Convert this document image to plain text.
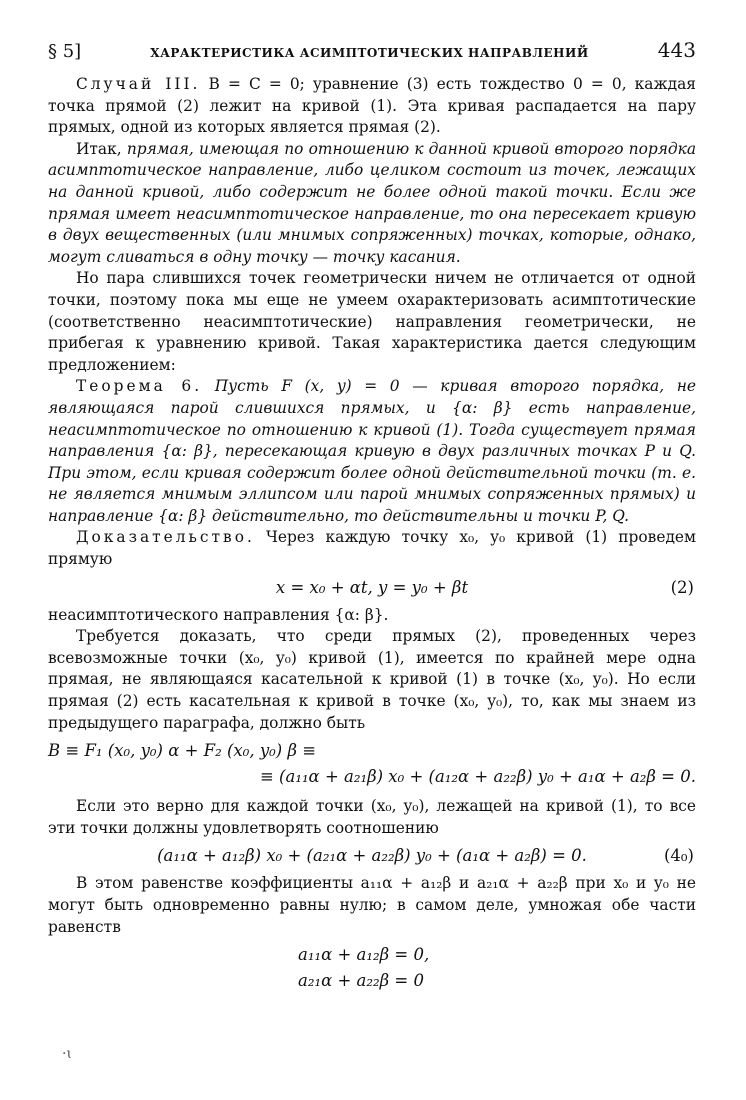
§ 5]	ХАРАКТЕРИСТИКА АСИМПТОТИЧЕСКИХ НАПРАВЛЕНИЙ	443

Случай III. B = C = 0; уравнение (3) есть тождество 0 = 0, каждая точка прямой (2) лежит на кривой (1). Эта кривая распадается на пару прямых, одной из которых является прямая (2).

Итак, прямая, имеющая по отношению к данной кривой второго порядка асимптотическое направление, либо целиком состоит из точек, лежащих на данной кривой, либо содержит не более одной такой точки. Если же прямая имеет неасимптотическое направление, то она пересекает кривую в двух вещественных (или мнимых сопряженных) точках, которые, однако, могут сливаться в одну точку — точку касания.

Но пара слившихся точек геометрически ничем не отличается от одной точки, поэтому пока мы еще не умеем охарактеризовать асимптотические (соответственно неасимптотические) направления геометрически, не прибегая к уравнению кривой. Такая характеристика дается следующим предложением:

Теорема 6. Пусть F (x, y) = 0 — кривая второго порядка, не являющаяся парой слившихся прямых, и {α: β} есть направление, неасимптотическое по отношению к кривой (1). Тогда существует прямая направления {α: β}, пересекающая кривую в двух различных точках P и Q. При этом, если кривая содержит более одной действительной точки (т. е. не является мнимым эллипсом или парой мнимых сопряженных прямых) и направление {α: β} действительно, то действительны и точки P, Q.

Доказательство. Через каждую точку x₀, y₀ кривой (1) проведем прямую

x = x₀ + αt, y = y₀ + βt	(2)

неасимптотического направления {α: β}.

Требуется доказать, что среди прямых (2), проведенных через всевозможные точки (x₀, y₀) кривой (1), имеется по крайней мере одна прямая, не являющаяся касательной к кривой (1) в точке (x₀, y₀). Но если прямая (2) есть касательная к кривой в точке (x₀, y₀), то, как мы знаем из предыдущего параграфа, должно быть

B ≡ F₁ (x₀, y₀) α + F₂ (x₀, y₀) β ≡
≡ (a₁₁α + a₂₁β) x₀ + (a₁₂α + a₂₂β) y₀ + a₁α + a₂β = 0.

Если это верно для каждой точки (x₀, y₀), лежащей на кривой (1), то все эти точки должны удовлетворять соотношению

(a₁₁α + a₁₂β) x₀ + (a₂₁α + a₂₂β) y₀ + (a₁α + a₂β) = 0.	(4₀)

В этом равенстве коэффициенты a₁₁α + a₁₂β и a₂₁α + a₂₂β при x₀ и y₀ не могут быть одновременно равны нулю; в самом деле, умножая обе части равенств

a₁₁α + a₁₂β = 0,
a₂₁α + a₂₂β = 0
·ɩ
